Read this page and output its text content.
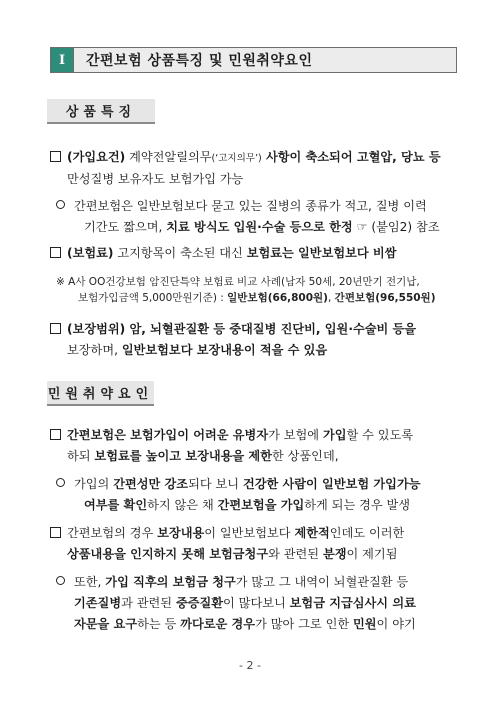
I	간편보험 상품특징 및 민원취약요인
상품특징
(가입요건) 계약전알릴의무(‘고지의무’) 사항이 축소되어 고혈압, 당뇨 등
만성질병 보유자도 보험가입 가능
간편보험은 일반보험보다 묻고 있는 질병의 종류가 적고, 질병 이력
기간도 짧으며, 치료 방식도 입원·수술 등으로 한정 ☞ (붙임2) 참조
(보험료) 고지항목이 축소된 대신 보험료는 일반보험보다 비쌈
※ A사 OO건강보험 암진단특약 보험료 비교 사례(남자 50세, 20년만기 전기납,
보험가입금액 5,000만원기준) : 일반보험(66,800원), 간편보험(96,550원)
(보장범위) 암, 뇌혈관질환 등 중대질병 진단비, 입원·수술비 등을
보장하며, 일반보험보다 보장내용이 적을 수 있음
민원취약요인
간편보험은 보험가입이 어려운 유병자가 보험에 가입할 수 있도록
하되 보험료를 높이고 보장내용을 제한한 상품인데,
가입의 간편성만 강조되다 보니 건강한 사람이 일반보험 가입가능
여부를 확인하지 않은 채 간편보험을 가입하게 되는 경우 발생
간편보험의 경우 보장내용이 일반보험보다 제한적인데도 이러한
상품내용을 인지하지 못해 보험금청구와 관련된 분쟁이 제기됨
또한, 가입 직후의 보험금 청구가 많고 그 내역이 뇌혈관질환 등
기존질병과 관련된 중증질환이 많다보니 보험금 지급심사시 의료
자문을 요구하는 등 까다로운 경우가 많아 그로 인한 민원이 야기
- 2 -
